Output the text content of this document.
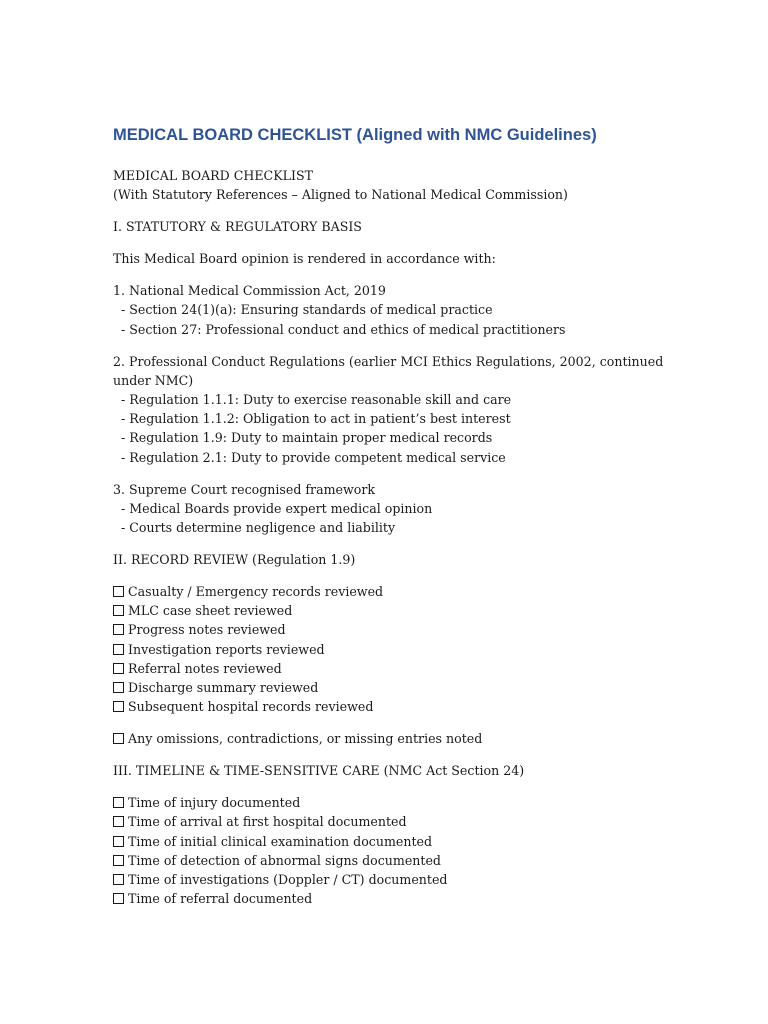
MEDICAL BOARD CHECKLIST (Aligned with NMC Guidelines)
MEDICAL BOARD CHECKLIST
(With Statutory References – Aligned to National Medical Commission)
I. STATUTORY & REGULATORY BASIS
This Medical Board opinion is rendered in accordance with:
1. National Medical Commission Act, 2019
- Section 24(1)(a): Ensuring standards of medical practice
- Section 27: Professional conduct and ethics of medical practitioners
2. Professional Conduct Regulations (earlier MCI Ethics Regulations, 2002, continued under NMC)
- Regulation 1.1.1: Duty to exercise reasonable skill and care
- Regulation 1.1.2: Obligation to act in patient’s best interest
- Regulation 1.9: Duty to maintain proper medical records
- Regulation 2.1: Duty to provide competent medical service
3. Supreme Court recognised framework
- Medical Boards provide expert medical opinion
- Courts determine negligence and liability
II. RECORD REVIEW (Regulation 1.9)
Casualty / Emergency records reviewed
MLC case sheet reviewed
Progress notes reviewed
Investigation reports reviewed
Referral notes reviewed
Discharge summary reviewed
Subsequent hospital records reviewed
Any omissions, contradictions, or missing entries noted
III. TIMELINE & TIME-SENSITIVE CARE (NMC Act Section 24)
Time of injury documented
Time of arrival at first hospital documented
Time of initial clinical examination documented
Time of detection of abnormal signs documented
Time of investigations (Doppler / CT) documented
Time of referral documented
